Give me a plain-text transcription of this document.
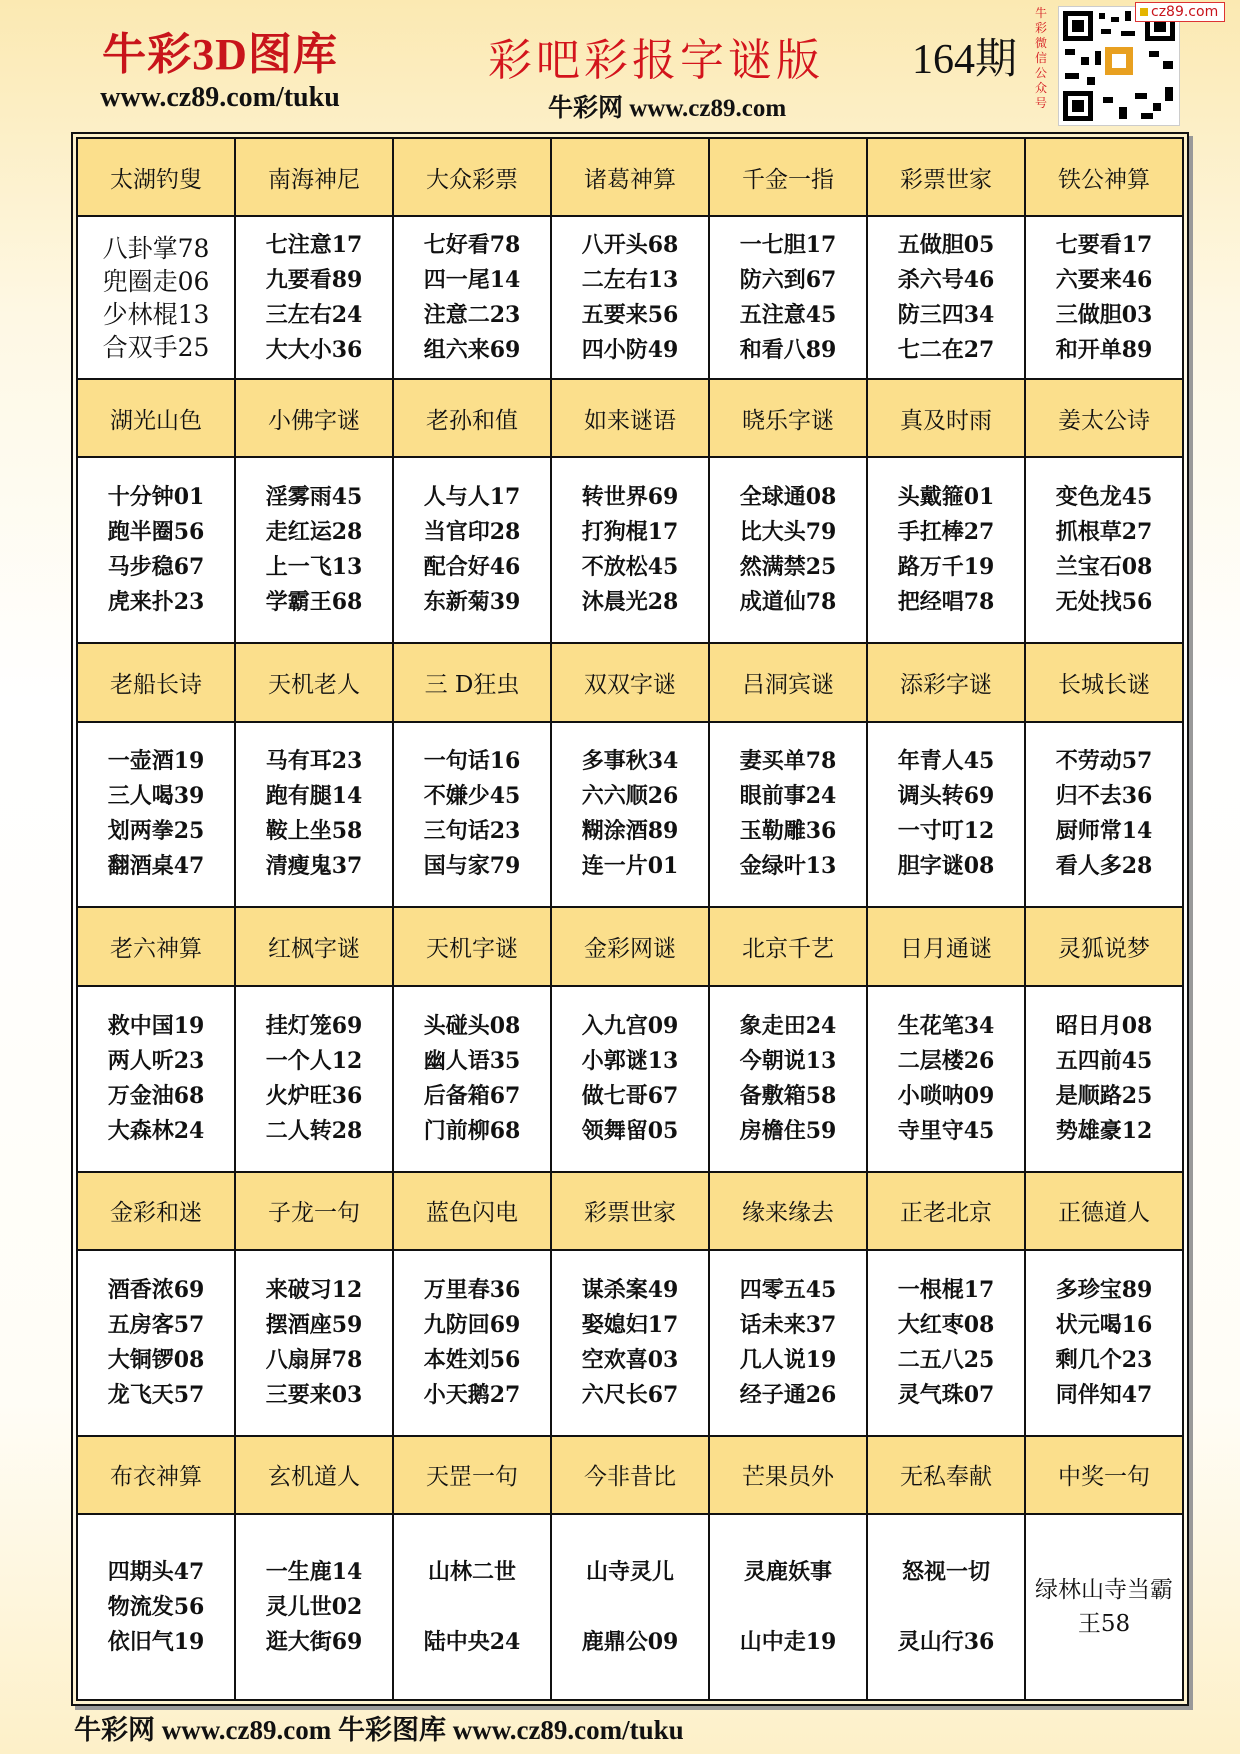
牛彩3D图库
www.cz89.com/tuku
彩吧彩报字谜版 164期
牛彩网 www.cz89.com
牛
彩
微
信
公
众
号
cz89.com
太湖钓叟	南海神尼	大众彩票	诸葛神算	千金一指	彩票世家	铁公神算

八卦掌78
兜圈走06
少林棍13
合双手25	七注意17
九要看89
三左右24
大大小36	七好看78
四一尾14
注意二23
组六来69	八开头68
二左右13
五要来56
四小防49	一七胆17
防六到67
五注意45
和看八89	五做胆05
杀六号46
防三四34
七二在27	七要看17
六要来46
三做胆03
和开单89

湖光山色	小佛字谜	老孙和值	如来谜语	晓乐字谜	真及时雨	姜太公诗

十分钟01
跑半圈56
马步稳67
虎来扑23	淫雾雨45
走红运28
上一飞13
学霸王68	人与人17
当官印28
配合好46
东新菊39	转世界69
打狗棍17
不放松45
沐晨光28	全球通08
比大头79
然满禁25
成道仙78	头戴箍01
手扛棒27
路万千19
把经唱78	变色龙45
抓根草27
兰宝石08
无处找56

老船长诗	天机老人	三 D狂虫	双双字谜	吕洞宾谜	添彩字谜	长城长谜

一壶酒19
三人喝39
划两拳25
翻酒桌47	马有耳23
跑有腿14
鞍上坐58
清瘦鬼37	一句话16
不嫌少45
三句话23
国与家79	多事秋34
六六顺26
糊涂酒89
连一片01	妻买单78
眼前事24
玉勒雕36
金绿叶13	年青人45
调头转69
一寸叮12
胆字谜08	不劳动57
归不去36
厨师常14
看人多28

老六神算	红枫字谜	天机字谜	金彩网谜	北京千艺	日月通谜	灵狐说梦

救中国19
两人听23
万金油68
大森林24	挂灯笼69
一个人12
火炉旺36
二人转28	头碰头08
幽人语35
后备箱67
门前柳68	入九宫09
小郭谜13
做七哥67
领舞留05	象走田24
今朝说13
备敷箱58
房檐住59	生花笔34
二层楼26
小唢呐09
寺里守45	昭日月08
五四前45
是顺路25
势雄豪12

金彩和迷	子龙一句	蓝色闪电	彩票世家	缘来缘去	正老北京	正德道人

酒香浓69
五房客57
大铜锣08
龙飞天57	来破习12
摆酒座59
八扇屏78
三要来03	万里春36
九防回69
本姓刘56
小天鹅27	谋杀案49
娶媳妇17
空欢喜03
六尺长67	四零五45
话未来37
几人说19
经子通26	一根棍17
大红枣08
二五八25
灵气珠07	多珍宝89
状元喝16
剩几个23
同伴知47

布衣神算	玄机道人	天罡一句	今非昔比	芒果员外	无私奉献	中奖一句

四期头47
物流发56
依旧气19	一生鹿14
灵儿世02
逛大街69	山林二世

陆中央24	山寺灵儿

鹿鼎公09	灵鹿妖事

山中走19	怒视一切

灵山行36	绿林山寺当霸王58
牛彩网 www.cz89.com 牛彩图库 www.cz89.com/tuku
